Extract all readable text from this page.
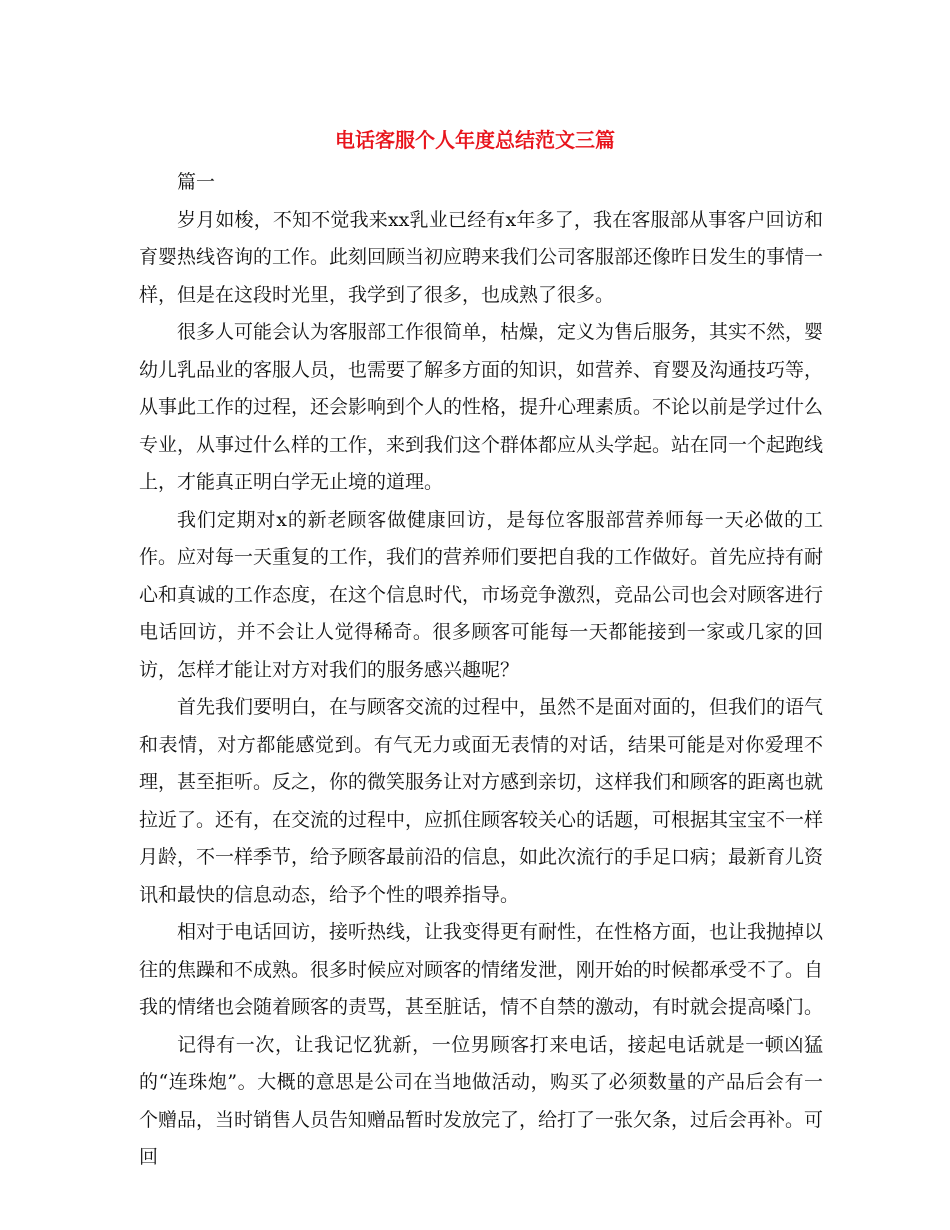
电话客服个人年度总结范文三篇

篇一

岁月如梭，不知不觉我来xx乳业已经有x年多了，我在客服部从事客户回访和育婴热线咨询的工作。此刻回顾当初应聘来我们公司客服部还像昨日发生的事情一样，但是在这段时光里，我学到了很多，也成熟了很多。

很多人可能会认为客服部工作很简单，枯燥，定义为售后服务，其实不然，婴幼儿乳品业的客服人员，也需要了解多方面的知识，如营养、育婴及沟通技巧等，从事此工作的过程，还会影响到个人的性格，提升心理素质。不论以前是学过什么专业，从事过什么样的工作，来到我们这个群体都应从头学起。站在同一个起跑线上，才能真正明白学无止境的道理。

我们定期对x的新老顾客做健康回访，是每位客服部营养师每一天必做的工作。应对每一天重复的工作，我们的营养师们要把自我的工作做好。首先应持有耐心和真诚的工作态度，在这个信息时代，市场竞争激烈，竞品公司也会对顾客进行电话回访，并不会让人觉得稀奇。很多顾客可能每一天都能接到一家或几家的回访，怎样才能让对方对我们的服务感兴趣呢？

首先我们要明白，在与顾客交流的过程中，虽然不是面对面的，但我们的语气和表情，对方都能感觉到。有气无力或面无表情的对话，结果可能是对你爱理不理，甚至拒听。反之，你的微笑服务让对方感到亲切，这样我们和顾客的距离也就拉近了。还有，在交流的过程中，应抓住顾客较关心的话题，可根据其宝宝不一样月龄，不一样季节，给予顾客最前沿的信息，如此次流行的手足口病；最新育儿资讯和最快的信息动态，给予个性的喂养指导。

相对于电话回访，接听热线，让我变得更有耐性，在性格方面，也让我抛掉以往的焦躁和不成熟。很多时候应对顾客的情绪发泄，刚开始的时候都承受不了。自我的情绪也会随着顾客的责骂，甚至脏话，情不自禁的激动，有时就会提高嗓门。

记得有一次，让我记忆犹新，一位男顾客打来电话，接起电话就是一顿凶猛的“连珠炮”。大概的意思是公司在当地做活动，购买了必须数量的产品后会有一个赠品，当时销售人员告知赠品暂时发放完了，给打了一张欠条，过后会再补。可回
